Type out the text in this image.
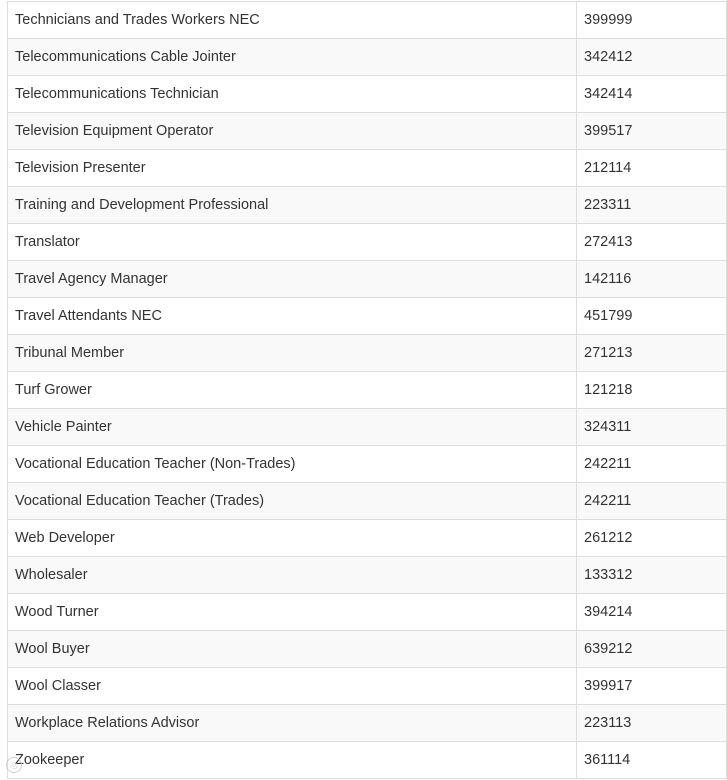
Technicians and Trades Workers NEC	399999
Telecommunications Cable Jointer	342412
Telecommunications Technician	342414
Television Equipment Operator	399517
Television Presenter	212114
Training and Development Professional	223311
Translator	272413
Travel Agency Manager	142116
Travel Attendants NEC	451799
Tribunal Member	271213
Turf Grower	121218
Vehicle Painter	324311
Vocational Education Teacher (Non-Trades)	242211
Vocational Education Teacher (Trades)	242211
Web Developer	261212
Wholesaler	133312
Wood Turner	394214
Wool Buyer	639212
Wool Classer	399917
Workplace Relations Advisor	223113
Zookeeper	361114
◎
